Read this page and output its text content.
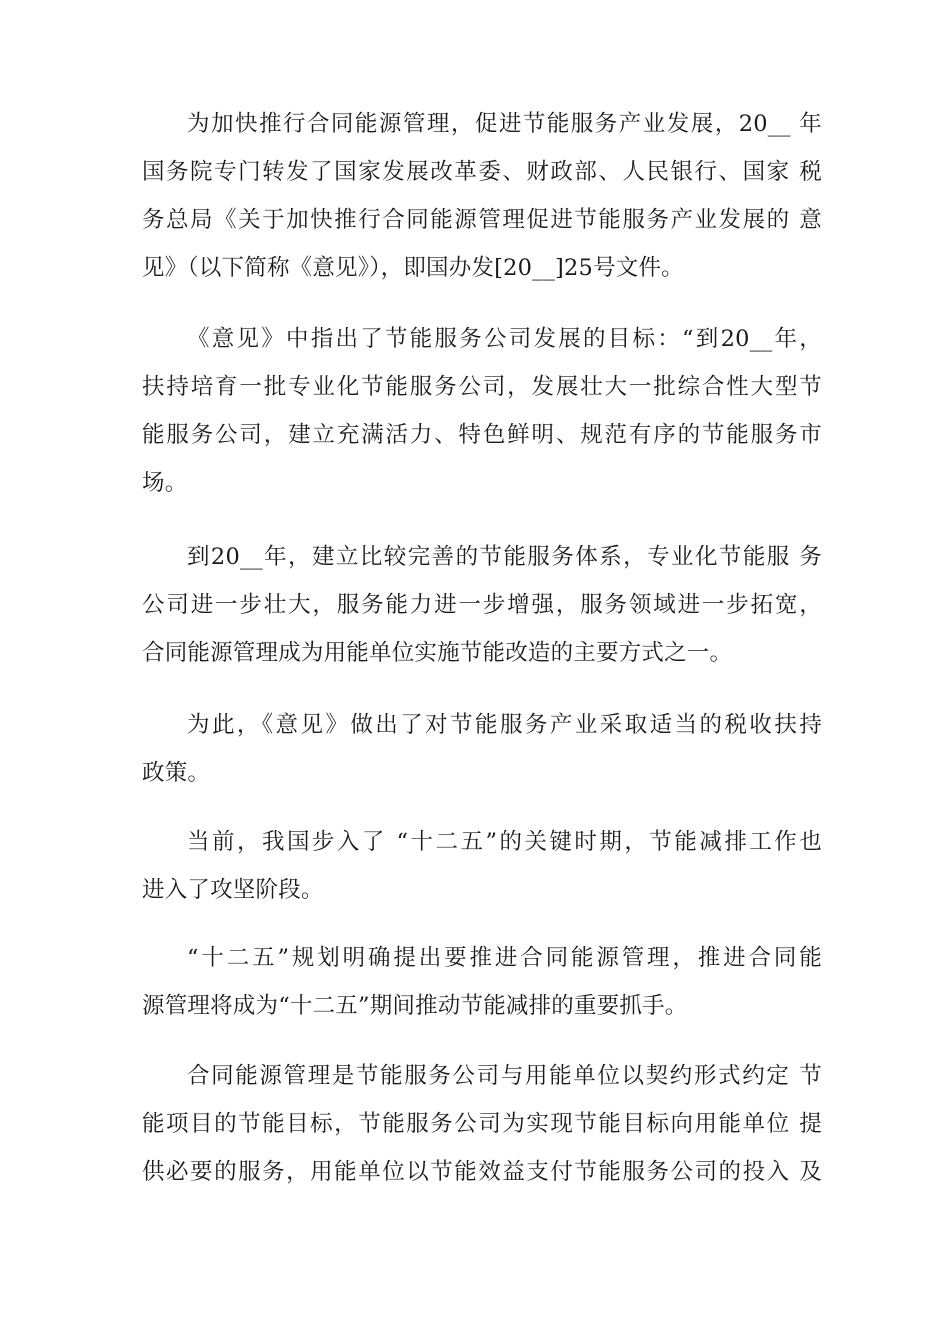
为加快推行合同能源管理，促进节能服务产业发展，20__ 年
国务院专门转发了国家发展改革委、财政部、人民银行、国家 税
务总局《关于加快推行合同能源管理促进节能服务产业发展的 意
见》（以下简称《意见》），即国办发[20__]25号文件。
《意见》中指出了节能服务公司发展的目标：“到20__年，
扶持培育一批专业化节能服务公司，发展壮大一批综合性大型节
能服务公司，建立充满活力、特色鲜明、规范有序的节能服务市
场。
到20__年，建立比较完善的节能服务体系，专业化节能服 务
公司进一步壮大，服务能力进一步增强，服务领域进一步拓宽，
合同能源管理成为用能单位实施节能改造的主要方式之一。
为此，《意见》做出了对节能服务产业采取适当的税收扶持
政策。
当前，我国步入了 “十二五”的关键时期，节能减排工作也
进入了攻坚阶段。
“十二五”规划明确提出要推进合同能源管理，推进合同能
源管理将成为“十二五”期间推动节能减排的重要抓手。
合同能源管理是节能服务公司与用能单位以契约形式约定 节
能项目的节能目标，节能服务公司为实现节能目标向用能单位 提
供必要的服务，用能单位以节能效益支付节能服务公司的投入 及
